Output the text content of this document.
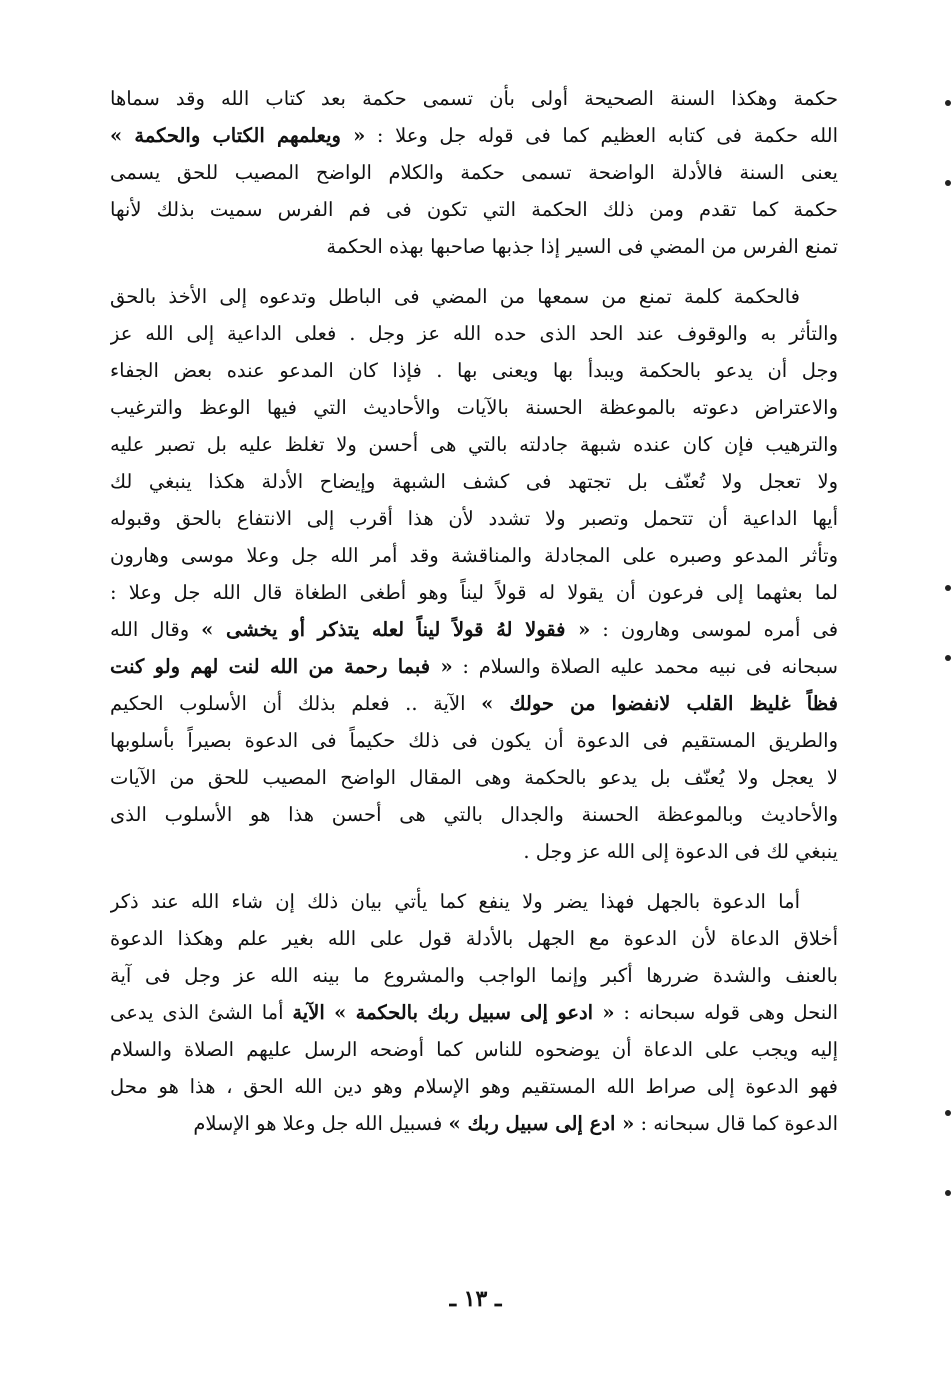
حكمة وهكذا السنة الصحيحة أولى بأن تسمى حكمة بعد كتاب الله وقد سماها
الله حكمة فى كتابه العظيم كما فى قوله جل وعلا : « ويعلمهم الكتاب والحكمة »
يعنى السنة فالأدلة الواضحة تسمى حكمة والكلام الواضح المصيب للحق يسمى
حكمة كما تقدم ومن ذلك الحكمة التي تكون فى فم الفرس سميت بذلك لأنها
تمنع الفرس من المضي فى السير إذا جذبها صاحبها بهذه الحكمة
فالحكمة كلمة تمنع من سمعها من المضي فى الباطل وتدعوه إلى الأخذ بالحق
والتأثر به والوقوف عند الحد الذى حده الله عز وجل . فعلى الداعية إلى الله عز
وجل أن يدعو بالحكمة ويبدأ بها ويعنى بها . فإذا كان المدعو عنده بعض الجفاء
والاعتراض دعوته بالموعظة الحسنة بالآيات والأحاديث التي فيها الوعظ والترغيب
والترهيب فإن كان عنده شبهة جادلته بالتي هى أحسن ولا تغلظ عليه بل تصبر عليه
ولا تعجل ولا تُعنّف بل تجتهد فى كشف الشبهة وإيضاح الأدلة هكذا ينبغي لك
أيها الداعية أن تتحمل وتصبر ولا تشدد لأن هذا أقرب إلى الانتفاع بالحق وقبوله
وتأثر المدعو وصبره على المجادلة والمناقشة وقد أمر الله جل وعلا موسى وهارون
لما بعثهما إلى فرعون أن يقولا له قولاً ليناً وهو أطغى الطغاة قال الله جل وعلا :
فى أمره لموسى وهارون : « فقولا لهُ قولاً ليناً لعله يتذكر أو يخشى » وقال الله
سبحانه فى نبيه محمد عليه الصلاة والسلام : « فبما رحمة من الله لنت لهم ولو كنت
فظاً غليظ القلب لانفضوا من حولك » الآية .. فعلم بذلك أن الأسلوب الحكيم
والطريق المستقيم فى الدعوة أن يكون فى ذلك حكيماً فى الدعوة بصيراً بأسلوبها
لا يعجل ولا يُعنّف بل يدعو بالحكمة وهى المقال الواضح المصيب للحق من الآيات
والأحاديث وبالموعظة الحسنة والجدال بالتي هى أحسن هذا هو الأسلوب الذى
ينبغي لك فى الدعوة إلى الله عز وجل .
أما الدعوة بالجهل فهذا يضر ولا ينفع كما يأتي بيان ذلك إن شاء الله عند ذكر
أخلاق الدعاة لأن الدعوة مع الجهل بالأدلة قول على الله بغير علم وهكذا الدعوة
بالعنف والشدة ضررها أكبر وإنما الواجب والمشروع ما بينه الله عز وجل فى آية
النحل وهى قوله سبحانه : « ادعو إلى سبيل ربك بالحكمة » الآية أما الشئ الذى يدعى
إليه ويجب على الدعاة أن يوضحوه للناس كما أوضحه الرسل عليهم الصلاة والسلام
فهو الدعوة إلى صراط الله المستقيم وهو الإسلام وهو دين الله الحق ، هذا هو محل
الدعوة كما قال سبحانه : « ادع إلى سبيل ربك » فسبيل الله جل وعلا هو الإسلام
ـ ١٣ ـ
